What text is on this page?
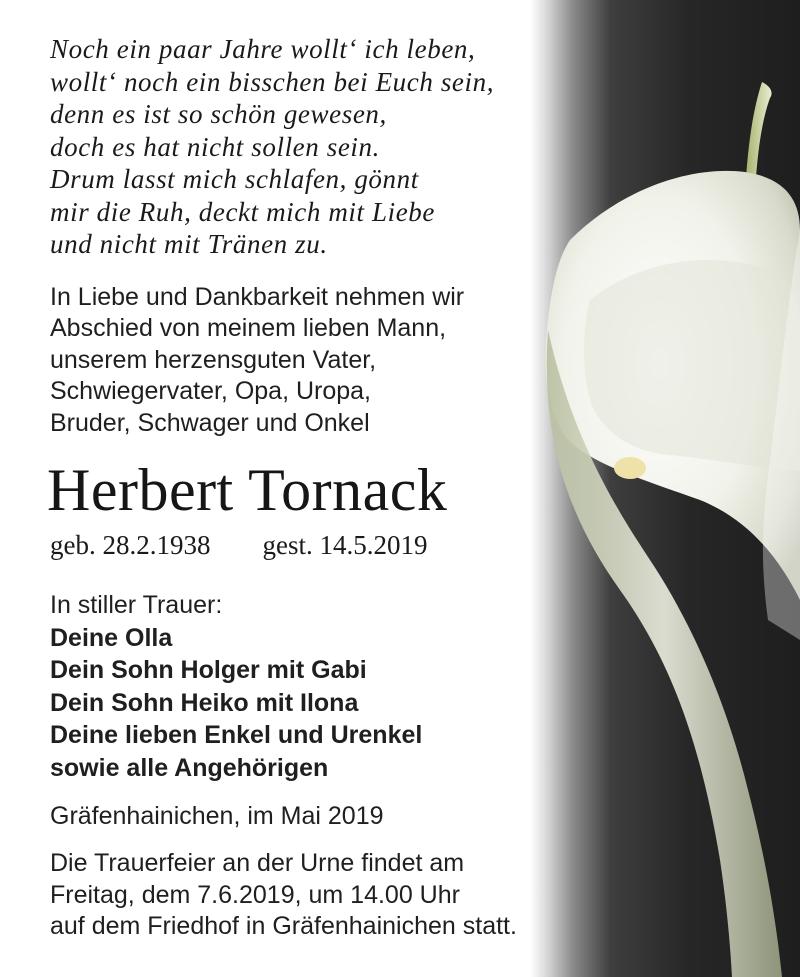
Noch ein paar Jahre wollt‘ ich leben,
wollt‘ noch ein bisschen bei Euch sein,
denn es ist so schön gewesen,
doch es hat nicht sollen sein.
Drum lasst mich schlafen, gönnt
mir die Ruh, deckt mich mit Liebe
und nicht mit Tränen zu.
In Liebe und Dankbarkeit nehmen wir
Abschied von meinem lieben Mann,
unserem herzensguten Vater,
Schwiegervater, Opa, Uropa,
Bruder, Schwager und Onkel
Herbert Tornack
geb. 28.2.1938 gest. 14.5.2019
In stiller Trauer:
Deine Olla
Dein Sohn Holger mit Gabi
Dein Sohn Heiko mit Ilona
Deine lieben Enkel und Urenkel
sowie alle Angehörigen
Gräfenhainichen, im Mai 2019
Die Trauerfeier an der Urne findet am
Freitag, dem 7.6.2019, um 14.00 Uhr
auf dem Friedhof in Gräfenhainichen statt.
